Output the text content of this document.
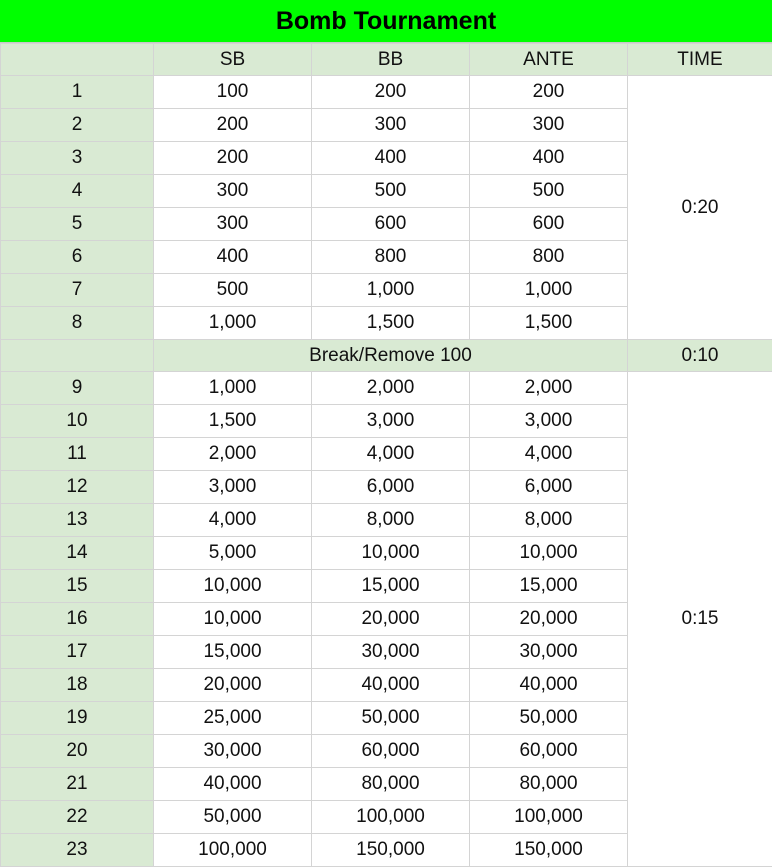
Bomb Tournament
	SB	BB	ANTE	TIME
1	100	200	200	0:20
2	200	300	300	
3	200	400	400	
4	300	500	500	
5	300	600	600	
6	400	800	800	
7	500	1,000	1,000	
8	1,000	1,500	1,500	
	Break/Remove 100			0:10
9	1,000	2,000	2,000	0:15
10	1,500	3,000	3,000	
11	2,000	4,000	4,000	
12	3,000	6,000	6,000	
13	4,000	8,000	8,000	
14	5,000	10,000	10,000	
15	10,000	15,000	15,000	
16	10,000	20,000	20,000	
17	15,000	30,000	30,000	
18	20,000	40,000	40,000	
19	25,000	50,000	50,000	
20	30,000	60,000	60,000	
21	40,000	80,000	80,000	
22	50,000	100,000	100,000	
23	100,000	150,000	150,000	
